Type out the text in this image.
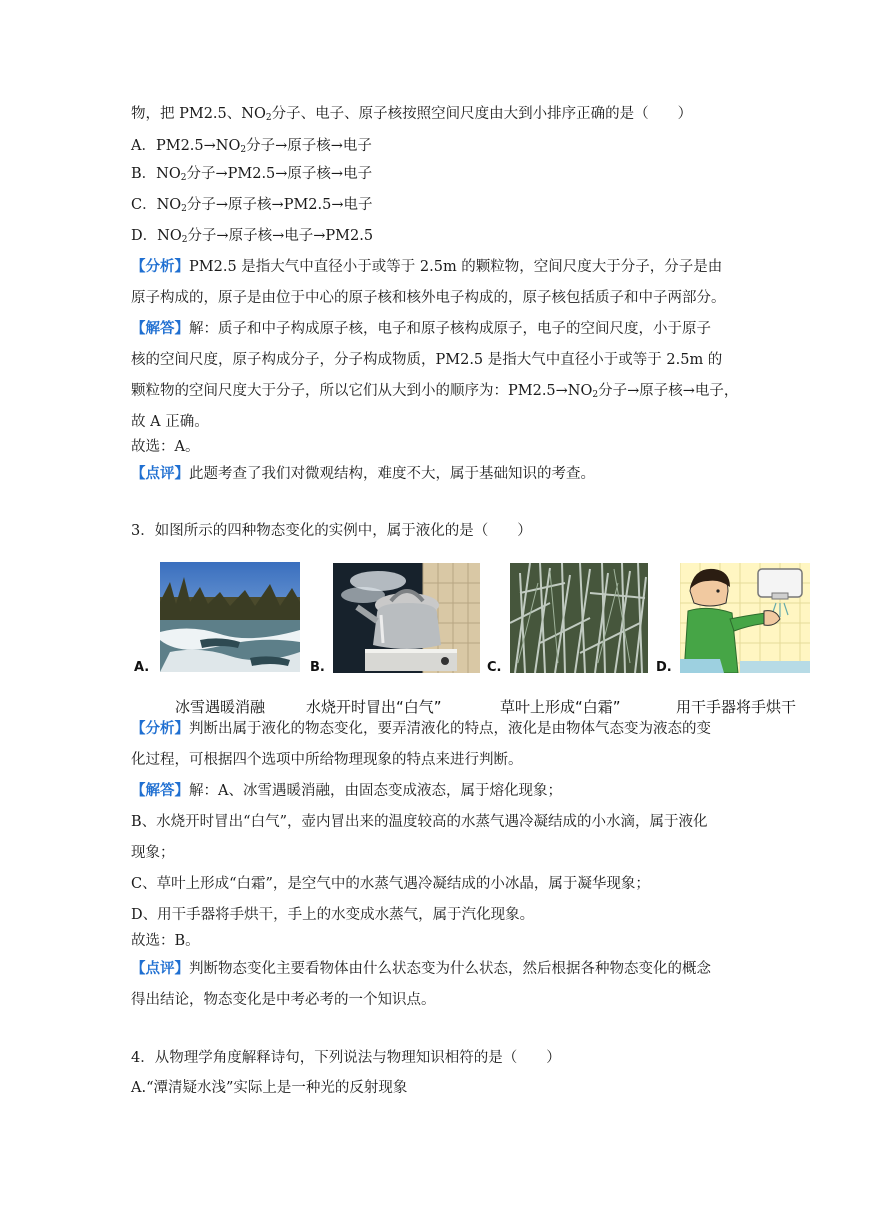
物，把 PM2.5、$NO_2$分子、电子、原子核按照空间尺度由大到小排序正确的是（　　）
A．$PM2.5\to NO_2$分子→原子核→电子
B．$NO_2$分子→PM2.5→原子核→电子
C．$NO_2$分子→原子核→PM2.5→电子
D．$NO_2$分子→原子核→电子→PM2.5
【分析】PM2.5 是指大气中直径小于或等于 2.5m 的颗粒物，空间尺度大于分子，分子是由
原子构成的，原子是由位于中心的原子核和核外电子构成的，原子核包括质子和中子两部分。
【解答】解：质子和中子构成原子核，电子和原子核构成原子，电子的空间尺度，小于原子
核的空间尺度，原子构成分子，分子构成物质，PM2.5 是指大气中直径小于或等于 2.5m 的
颗粒物的空间尺度大于分子，所以它们从大到小的顺序为：$PM2.5\to NO_2$分子→原子核→电子，
故 A 正确。
故选：A。
【点评】此题考查了我们对微观结构，难度不大，属于基础知识的考查。
3．如图所示的四种物态变化的实例中，属于液化的是（　　）
A.	B.	C.	D.
冰雪遇暖消融	水烧开时冒出“白气”	草叶上形成“白霜”	用干手器将手烘干
【分析】判断出属于液化的物态变化，要弄清液化的特点，液化是由物体气态变为液态的变
化过程，可根据四个选项中所给物理现象的特点来进行判断。
【解答】解：A、冰雪遇暖消融，由固态变成液态，属于熔化现象；
B、水烧开时冒出“白气”，壶内冒出来的温度较高的水蒸气遇冷凝结成的小水滴，属于液化
现象；
C、草叶上形成“白霜”，是空气中的水蒸气遇冷凝结成的小冰晶，属于凝华现象；
D、用干手器将手烘干，手上的水变成水蒸气，属于汽化现象。
故选：B。
【点评】判断物态变化主要看物体由什么状态变为什么状态，然后根据各种物态变化的概念
得出结论，物态变化是中考必考的一个知识点。
4．从物理学角度解释诗句，下列说法与物理知识相符的是（　　）
A.“潭清疑水浅”实际上是一种光的反射现象
